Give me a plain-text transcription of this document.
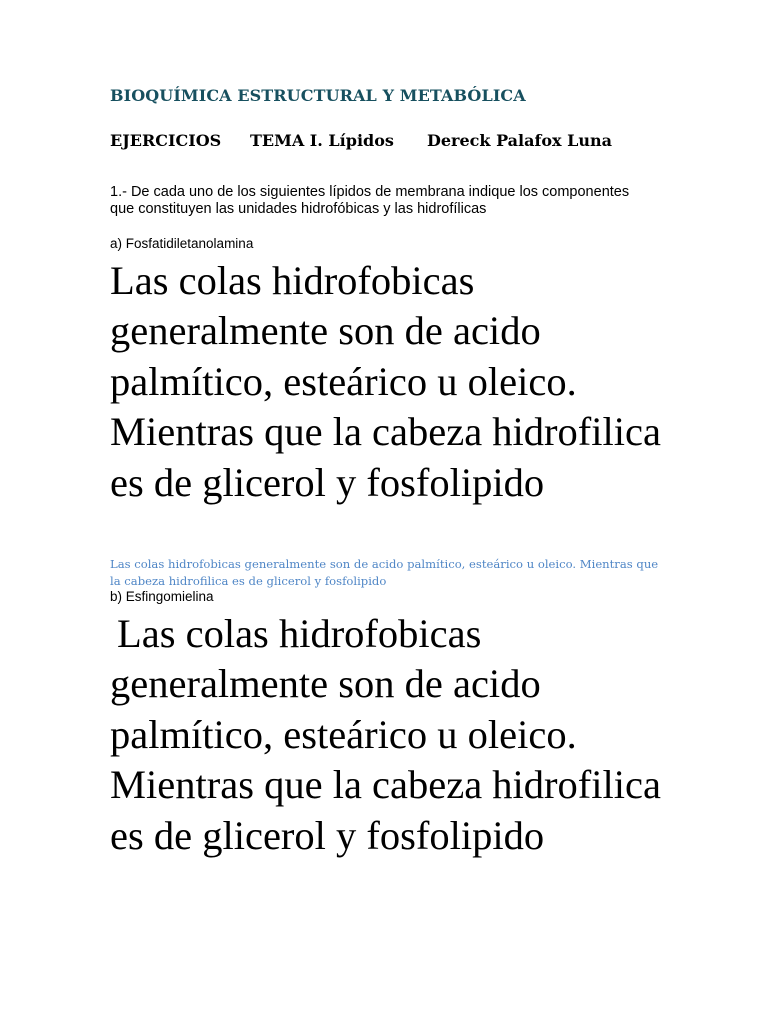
BIOQUÍMICA ESTRUCTURAL Y METABÓLICA
EJERCICIOS TEMA I. Lípidos Dereck Palafox Luna
1.- De cada uno de los siguientes lípidos de membrana indique los componentes que constituyen las unidades hidrofóbicas y las hidrofílicas
a) Fosfatidiletanolamina
Las colas hidrofobicas generalmente son de acido palmítico, esteárico u oleico. Mientras que la cabeza hidrofilica es de glicerol y fosfolipido
Las colas hidrofobicas generalmente son de acido palmítico, esteárico u oleico. Mientras que la cabeza hidrofilica es de glicerol y fosfolipido
b) Esfingomielina
Las colas hidrofobicas generalmente son de acido palmítico, esteárico u oleico. Mientras que la cabeza hidrofilica es de glicerol y fosfolipido
